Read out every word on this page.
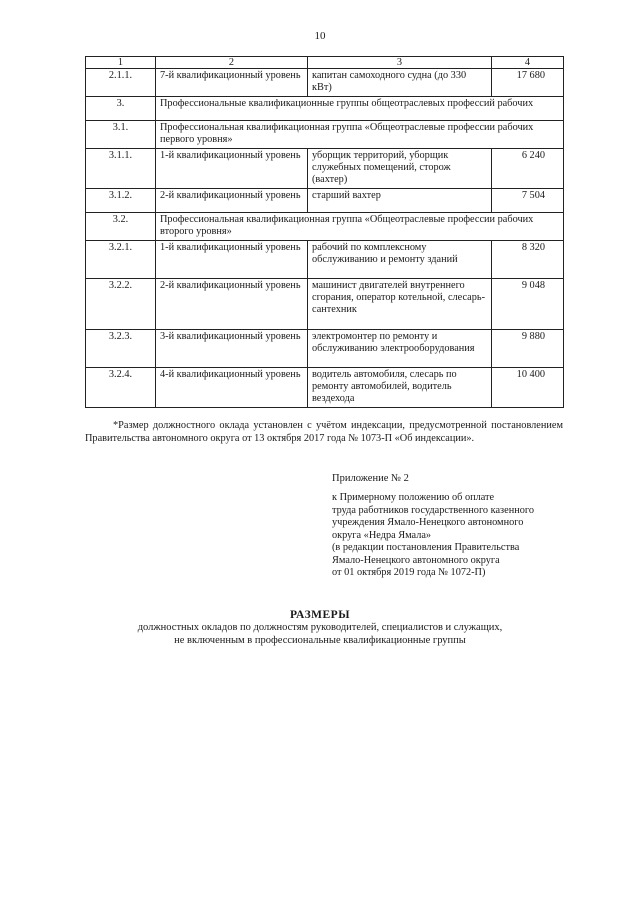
10
1	2	3	4
2.1.1.	7-й квалификационный уровень	капитан самоходного судна (до 330 кВт)	17 680
3.	Профессиональные квалификационные группы общеотраслевых профессий рабочих		
3.1.	Профессиональная квалификационная группа «Общеотраслевые профессии рабочих первого уровня»		
3.1.1.	1-й квалификационный уровень	уборщик территорий, уборщик служебных помещений, сторож (вахтер)	6 240
3.1.2.	2-й квалификационный уровень	старший вахтер	7 504
3.2.	Профессиональная квалификационная группа «Общеотраслевые профессии рабочих второго уровня»		
3.2.1.	1-й квалификационный уровень	рабочий по комплексному обслуживанию и ремонту зданий	8 320
3.2.2.	2-й квалификационный уровень	машинист двигателей внутреннего сгорания, оператор котельной, слесарь-сантехник	9 048
3.2.3.	3-й квалификационный уровень	электромонтер по ремонту и обслуживанию электрооборудования	9 880
3.2.4.	4-й квалификационный уровень	водитель автомобиля, слесарь по ремонту автомобилей, водитель вездехода	10 400

*Размер должностного оклада установлен с учётом индексации, предусмотренной постановлением Правительства автономного округа от 13 октября 2017 года № 1073-П «Об индексации».

Приложение № 2
к Примерному положению об оплате
труда работников государственного казенного
учреждения Ямало-Ненецкого автономного
округа «Недра Ямала»
(в редакции постановления Правительства
Ямало-Ненецкого автономного округа
от 01 октября 2019 года № 1072-П)
РАЗМЕРЫ
должностных окладов по должностям руководителей, специалистов и служащих,
не включенным в профессиональные квалификационные группы
